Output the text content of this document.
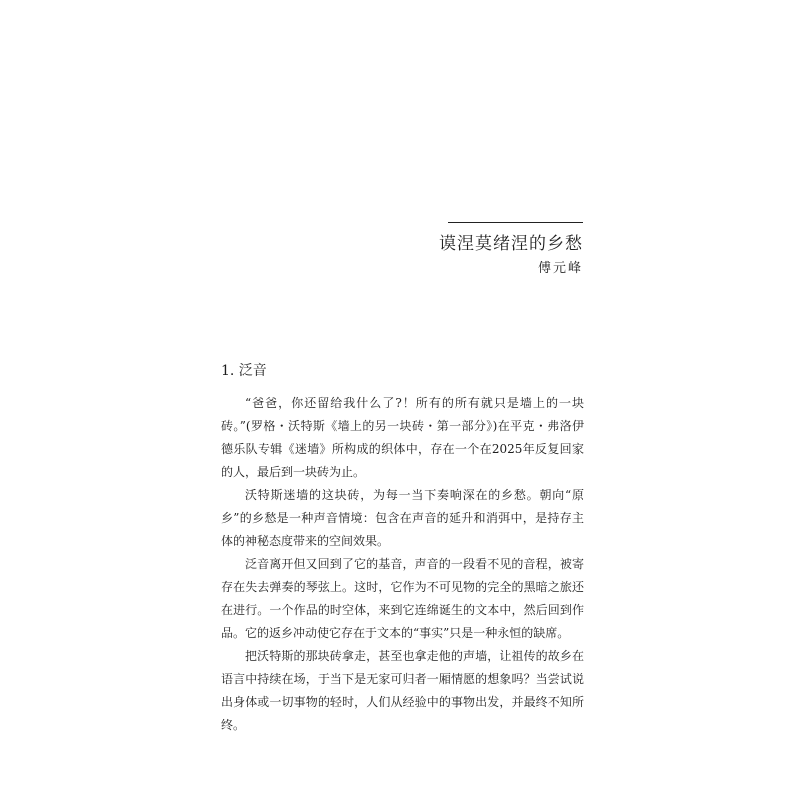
谟涅莫绪涅的乡愁
傅元峰
1. 泛音

“爸爸，你还留给我什么了?！所有的所有就只是墙上的一块砖。”(罗格・沃特斯《墙上的另一块砖・第一部分》)在平克・弗洛伊德乐队专辑《迷墙》所构成的织体中，存在一个在2025年反复回家的人，最后到一块砖为止。

沃特斯迷墙的这块砖，为每一当下奏响深在的乡愁。朝向“原乡”的乡愁是一种声音情境：包含在声音的延升和消弭中，是持存主体的神秘态度带来的空间效果。

泛音离开但又回到了它的基音，声音的一段看不见的音程，被寄存在失去弹奏的琴弦上。这时，它作为不可见物的完全的黑暗之旅还在进行。一个作品的时空体，来到它连绵诞生的文本中，然后回到作品。它的返乡冲动使它存在于文本的“事实”只是一种永恒的缺席。

把沃特斯的那块砖拿走，甚至也拿走他的声墙，让祖传的故乡在语言中持续在场，于当下是无家可归者一厢情愿的想象吗？当尝试说出身体或一切事物的轻时，人们从经验中的事物出发，并最终不知所终。
